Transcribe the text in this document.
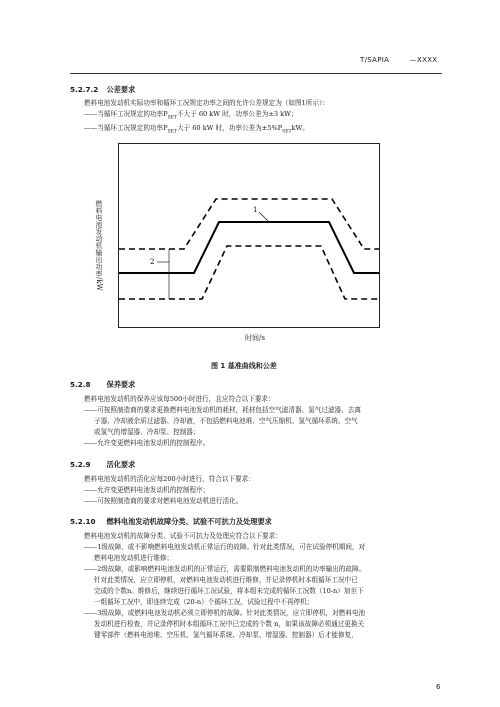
T/SAPIA	—XXXX
5.2.7.2 公差要求
燃料电池发动机实际功率和循环工况规定功率之间的允许公差规定为（如图1所示）：
——当循环工况规定的功率$P_{SET}$不大于 60 kW 时，功率公差为±3 kW；
——当循环工况规定的功率$P_{SET}$大于 60 kW 时，功率公差为$\pm 5\%P_{SET}kW$。
燃料电池发动机输出功率/kW	1
2
时间/s
图 1 基准曲线和公差
5.2.8 保养要求
燃料电池发动机的保养应该每500小时进行，且应符合以下要求：
——可按照制造商的要求更换燃料电池发动机的耗材，耗材包括空气滤清器、氢气过滤器、去离
子器、冷却液余质过滤器、冷却液，不包括燃料电池堆、空气压缩机、氢气循环系统、空气
或氢气的增湿器、冷却泵、控制器；
——允许变更燃料电池发动机的控制程序。
5.2.9 活化要求
燃料电池发动机的活化应每200小时进行，符合以下要求：
——允许变更燃料电池发动机的控制程序；
——可按照制造商的要求对燃料电池发动机进行活化。
5.2.10 燃料电池发动机故障分类、试验不可抗力及处理要求
燃料电池发动机的故障分类、试验不可抗力及处理应符合以下要求：
——1级故障，或不影响燃料电池发动机正常运行的故障。针对此类情况，可在试验停机期间，对
燃料电池发动机进行维修；
——2级故障，或影响燃料电池发动机的正常运行，需要限制燃料电池发动机的功率输出的故障。
针对此类情况，应立即停机，对燃料电池发动机进行维修，并记录停机时本组循环工况中已
完成的个数n。维修后，继续进行循环工况试验，将本组未完成的循环工况数（10-n）加至下
一组循环工况中，即连续完成（20-n）个循环工况，试验过程中不再停机；
——3级故障，或燃料电池发动机必须立即停机的故障。针对此类情况，应立即停机，对燃料电池
发动机进行检查，并记录停机时本组循环工况中已完成的个数 n，如果该故障必须通过更换关
键零部件（燃料电池堆、空压机、氢气循环系统、冷却泵、增湿器、控制器）后才能修复，
6
